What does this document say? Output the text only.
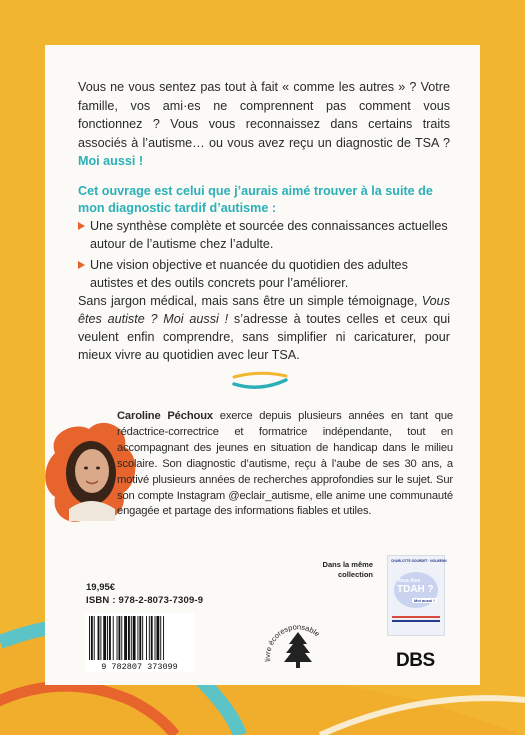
Vous ne vous sentez pas tout à fait « comme les autres » ? Votre famille, vos ami·es ne comprennent pas comment vous fonctionnez ? Vous vous reconnaissez dans certains traits associés à l’autisme… ou vous avez reçu un diagnostic de TSA ? Moi aussi !

Cet ouvrage est celui que j’aurais aimé trouver à la suite de mon diagnostic tardif d’autisme :
Une synthèse complète et sourcée des connaissances actuelles autour de l’autisme chez l’adulte.
Une vision objective et nuancée du quotidien des adultes autistes et des outils concrets pour l’améliorer.

Sans jargon médical, mais sans être un simple témoignage, Vous êtes autiste ? Moi aussi ! s’adresse à toutes celles et ceux qui veulent enfin comprendre, sans simplifier ni caricaturer, pour mieux vivre au quotidien avec leur TSA.

Caroline Péchoux exerce depuis plusieurs années en tant que rédactrice-correctrice et formatrice indépendante, tout en accompagnant des jeunes en situation de handicap dans le milieu scolaire. Son diagnostic d’autisme, reçu à l’aube de ses 30 ans, a motivé plusieurs années de recherches approfondies sur le sujet. Sur son compte Instagram @eclair_autisme, elle anime une communauté engagée et partage des informations fiables et utiles.

19,95€
ISBN : 978-2-8073-7309-9
9 782807 373099
livre écoresponsable
Dans la même collection
CHARLOTTE GOURDET · NOLWENN
Vous êtes
TDAH ?
Moi aussi !
DBS
